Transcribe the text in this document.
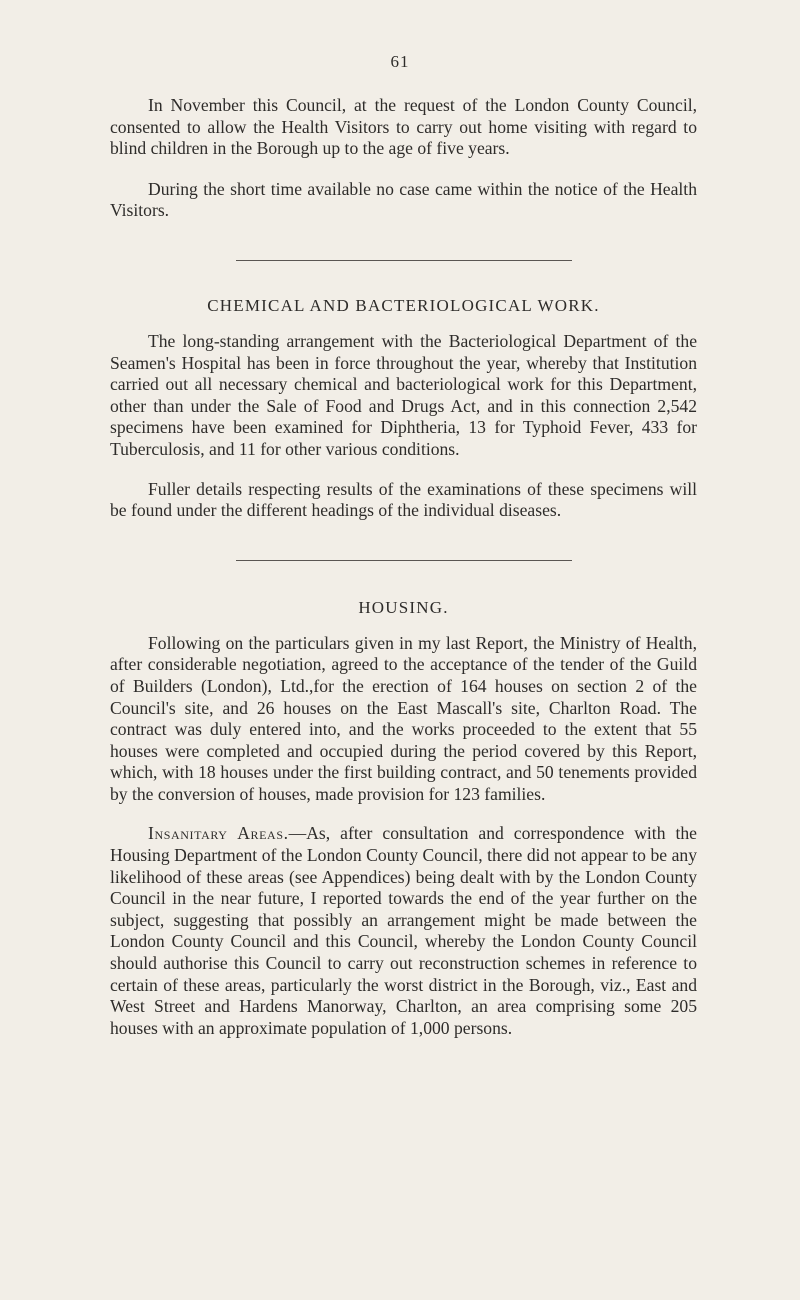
61

In November this Council, at the request of the London County Council, consented to allow the Health Visitors to carry out home visiting with regard to blind children in the Borough up to the age of five years.

During the short time available no case came within the notice of the Health Visitors.

CHEMICAL AND BACTERIOLOGICAL WORK.

The long-standing arrangement with the Bacteriological Department of the Seamen's Hospital has been in force throughout the year, whereby that Institution carried out all necessary chemical and bacteriological work for this Department, other than under the Sale of Food and Drugs Act, and in this connection 2,542 specimens have been examined for Diphtheria, 13 for Typhoid Fever, 433 for Tuberculosis, and 11 for other various conditions.

Fuller details respecting results of the examinations of these specimens will be found under the different headings of the individual diseases.

HOUSING.

Following on the particulars given in my last Report, the Ministry of Health, after considerable negotiation, agreed to the acceptance of the tender of the Guild of Builders (London), Ltd.,for the erection of 164 houses on section 2 of the Council's site, and 26 houses on the East Mascall's site, Charlton Road. The contract was duly entered into, and the works proceeded to the extent that 55 houses were completed and occupied during the period covered by this Report, which, with 18 houses under the first building contract, and 50 tenements provided by the conversion of houses, made provision for 123 families.

Insanitary Areas.—As, after consultation and correspondence with the Housing Department of the London County Council, there did not appear to be any likelihood of these areas (see Appendices) being dealt with by the London County Council in the near future, I reported towards the end of the year further on the subject, suggesting that possibly an arrangement might be made between the London County Council and this Council, whereby the London County Council should authorise this Council to carry out reconstruction schemes in reference to certain of these areas, particularly the worst district in the Borough, viz., East and West Street and Hardens Manorway, Charlton, an area comprising some 205 houses with an approximate population of 1,000 persons.
